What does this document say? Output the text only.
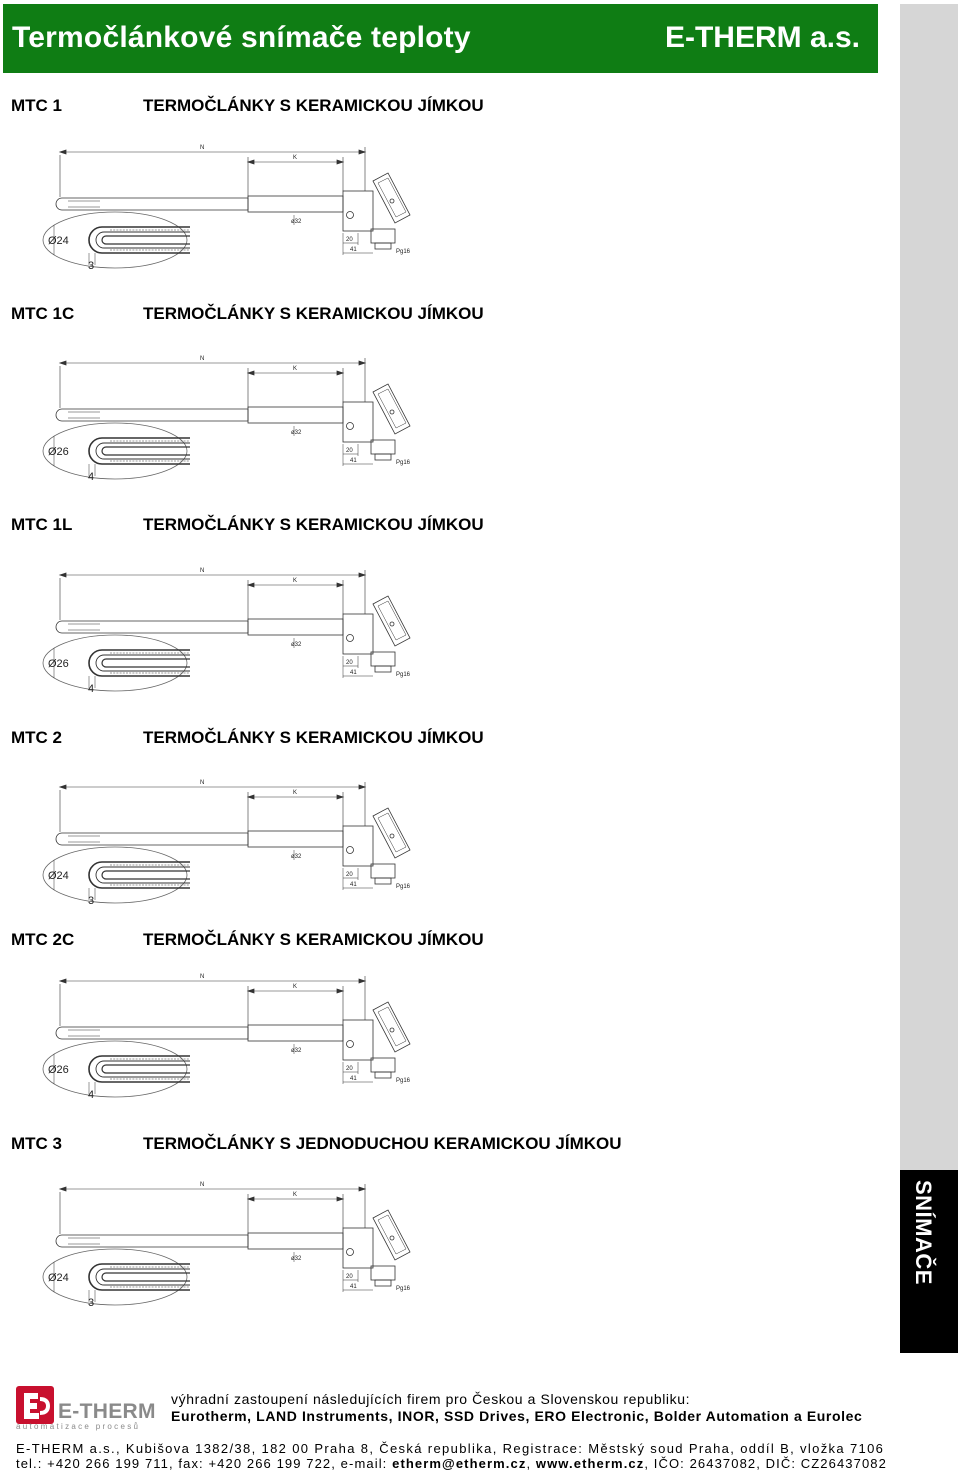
Termočlánkové snímače teploty	E-THERM a.s.
SNÍMAČE
MTC 1	TERMOČLÁNKY S KERAMICKOU JÍMKOU
N
K
ø32
20
41	Pg16
Ø24
3
MTC 1C	TERMOČLÁNKY S KERAMICKOU JÍMKOU
N
K
ø32
20
41	Pg16
Ø26
4
MTC 1L	TERMOČLÁNKY S KERAMICKOU JÍMKOU
N
K
ø32
20
41	Pg16
Ø26
4
MTC 2	TERMOČLÁNKY S KERAMICKOU JÍMKOU
N
K
ø32
20
41	Pg16
Ø24
3
MTC 2C	TERMOČLÁNKY S KERAMICKOU JÍMKOU
N
K
ø32
20
41	Pg16
Ø26
4
MTC 3	TERMOČLÁNKY S JEDNODUCHOU KERAMICKOU JÍMKOU
N
K
ø32
20
41	Pg16
Ø24
3
E-THERM
automatizace procesů
výhradní zastoupení následujících firem pro Českou a Slovenskou republiku:
Eurotherm, LAND Instruments, INOR, SSD Drives, ERO Electronic, Bolder Automation a Eurolec
E-THERM a.s., Kubišova 1382/38, 182 00 Praha 8, Česká republika, Registrace: Městský soud Praha, oddíl B, vložka 7106
tel.: +420 266 199 711, fax: +420 266 199 722, e-mail: etherm@etherm.cz, www.etherm.cz, IČO: 26437082, DIČ: CZ26437082
